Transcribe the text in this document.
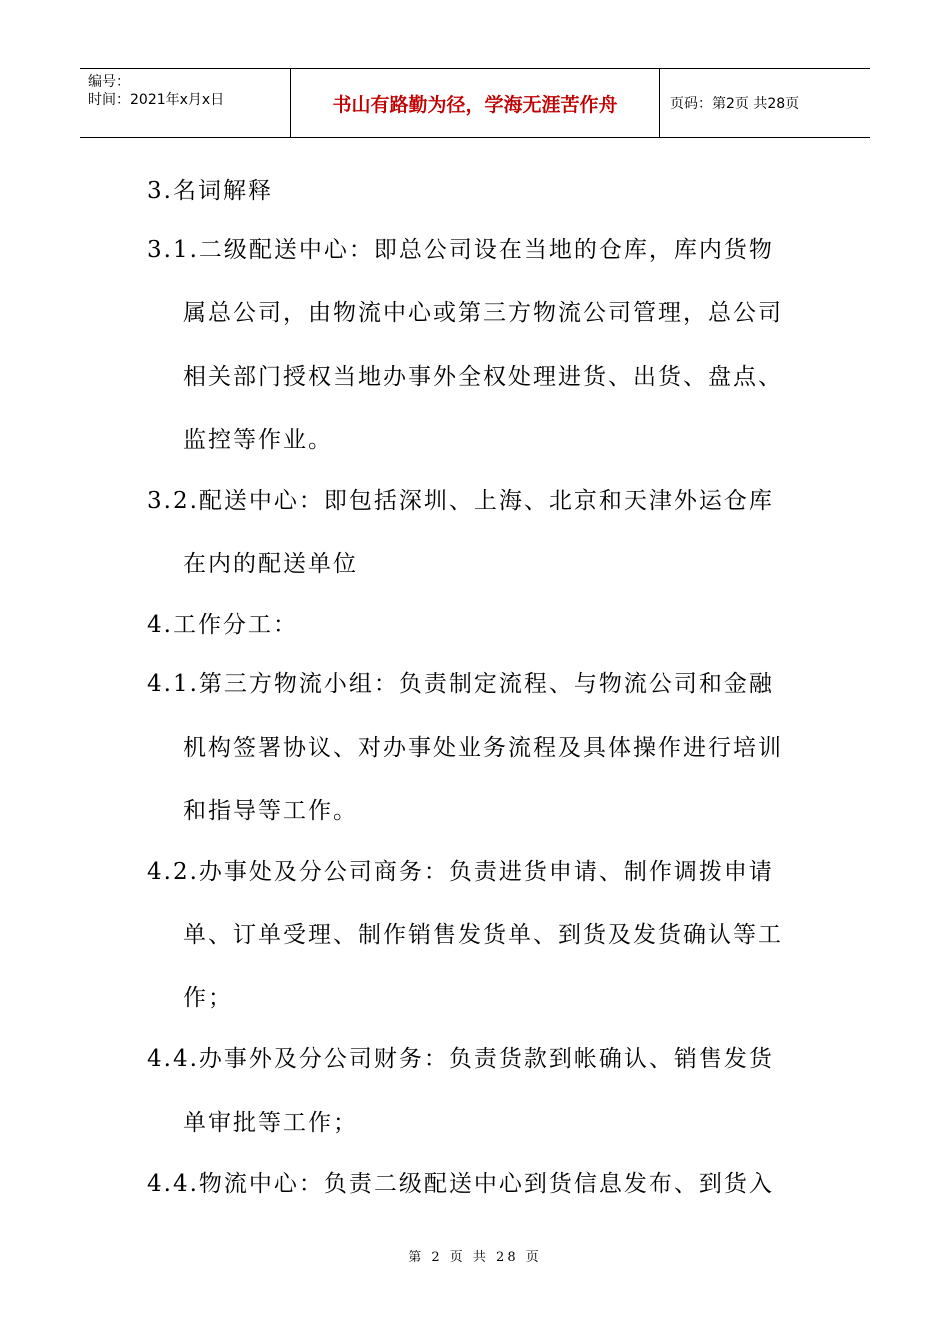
编号：
时间：2021年x月x日	书山有路勤为径，学海无涯苦作舟	页码：第2页 共28页
3.名词解释
3.1.二级配送中心：即总公司设在当地的仓库，库内货物
属总公司，由物流中心或第三方物流公司管理，总公司
相关部门授权当地办事外全权处理进货、出货、盘点、
监控等作业。
3.2.配送中心：即包括深圳、上海、北京和天津外运仓库
在内的配送单位
4.工作分工：
4.1.第三方物流小组：负责制定流程、与物流公司和金融
机构签署协议、对办事处业务流程及具体操作进行培训
和指导等工作。
4.2.办事处及分公司商务：负责进货申请、制作调拨申请
单、订单受理、制作销售发货单、到货及发货确认等工
作；
4.4.办事外及分公司财务：负责货款到帐确认、销售发货
单审批等工作；
4.4.物流中心：负责二级配送中心到货信息发布、到货入
第 2 页 共 28 页
